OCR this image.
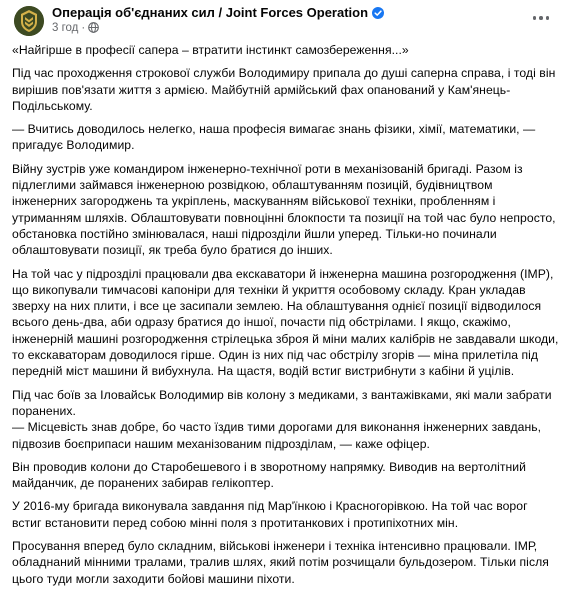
Операція об'єднаних сил / Joint Forces Operation
3 год ·

«Найгірше в професії сапера – втратити інстинкт самозбереження...»

Під час проходження строкової служби Володимиру припала до душі саперна справа, і тоді він вирішив пов'язати життя з армією. Майбутній армійський фах опанований у Кам'янець-Подільському.

— Вчитись доводилось нелегко, наша професія вимагає знань фізики, хімії, математики, — пригадує Володимир.

Війну зустрів уже командиром інженерно-технічної роти в механізованій бригаді. Разом із підлеглими займався інженерною розвідкою, облаштуванням позицій, будівництвом інженерних загороджень та укріплень, маскуванням військової техніки, пробленням і утриманням шляхів. Облаштовувати повноцінні блокпости та позиції на той час було непросто, обстановка постійно змінювалася, наші підрозділи йшли уперед. Тільки-но починали облаштовувати позиції, як треба було братися до інших.

На той час у підрозділі працювали два екскаватори й інженерна машина розгородження (ІМР), що викопували тимчасові капоніри для техніки й укриття особовому складу. Кран укладав зверху на них плити, і все це засипали землею. На облаштування однієї позиції відводилося всього день-два, аби одразу братися до іншої, почасти під обстрілами. І якщо, скажімо, інженерній машині розгородження стрілецька зброя й міни малих калібрів не завдавали шкоди, то екскаваторам доводилося гірше. Один із них під час обстрілу згорів — міна прилетіла під передній міст машини й вибухнула. На щастя, водій встиг вистрибнути з кабіни й уцілів.

Під час боїв за Іловайськ Володимир вів колону з медиками, з вантажівками, які мали забрати поранених.

— Місцевість знав добре, бо часто їздив тими дорогами для виконання інженерних завдань, підвозив боєприпаси нашим механізованим підрозділам, — каже офіцер.

Він проводив колони до Старобешевого і в зворотному напрямку. Виводив на вертолітний майданчик, де поранених забирав гелікоптер.

У 2016-му бригада виконувала завдання під Мар'їнкою і Красногорівкою. На той час ворог встиг встановити перед собою мінні поля з протитанкових і протипіхотних мін.

Просування вперед було складним, військові інженери і техніка інтенсивно працювали. ІМР, обладнаний мінними тралами, тралив шлях, який потім розчищали бульдозером. Тільки після цього туди могли заходити бойові машини піхоти.
